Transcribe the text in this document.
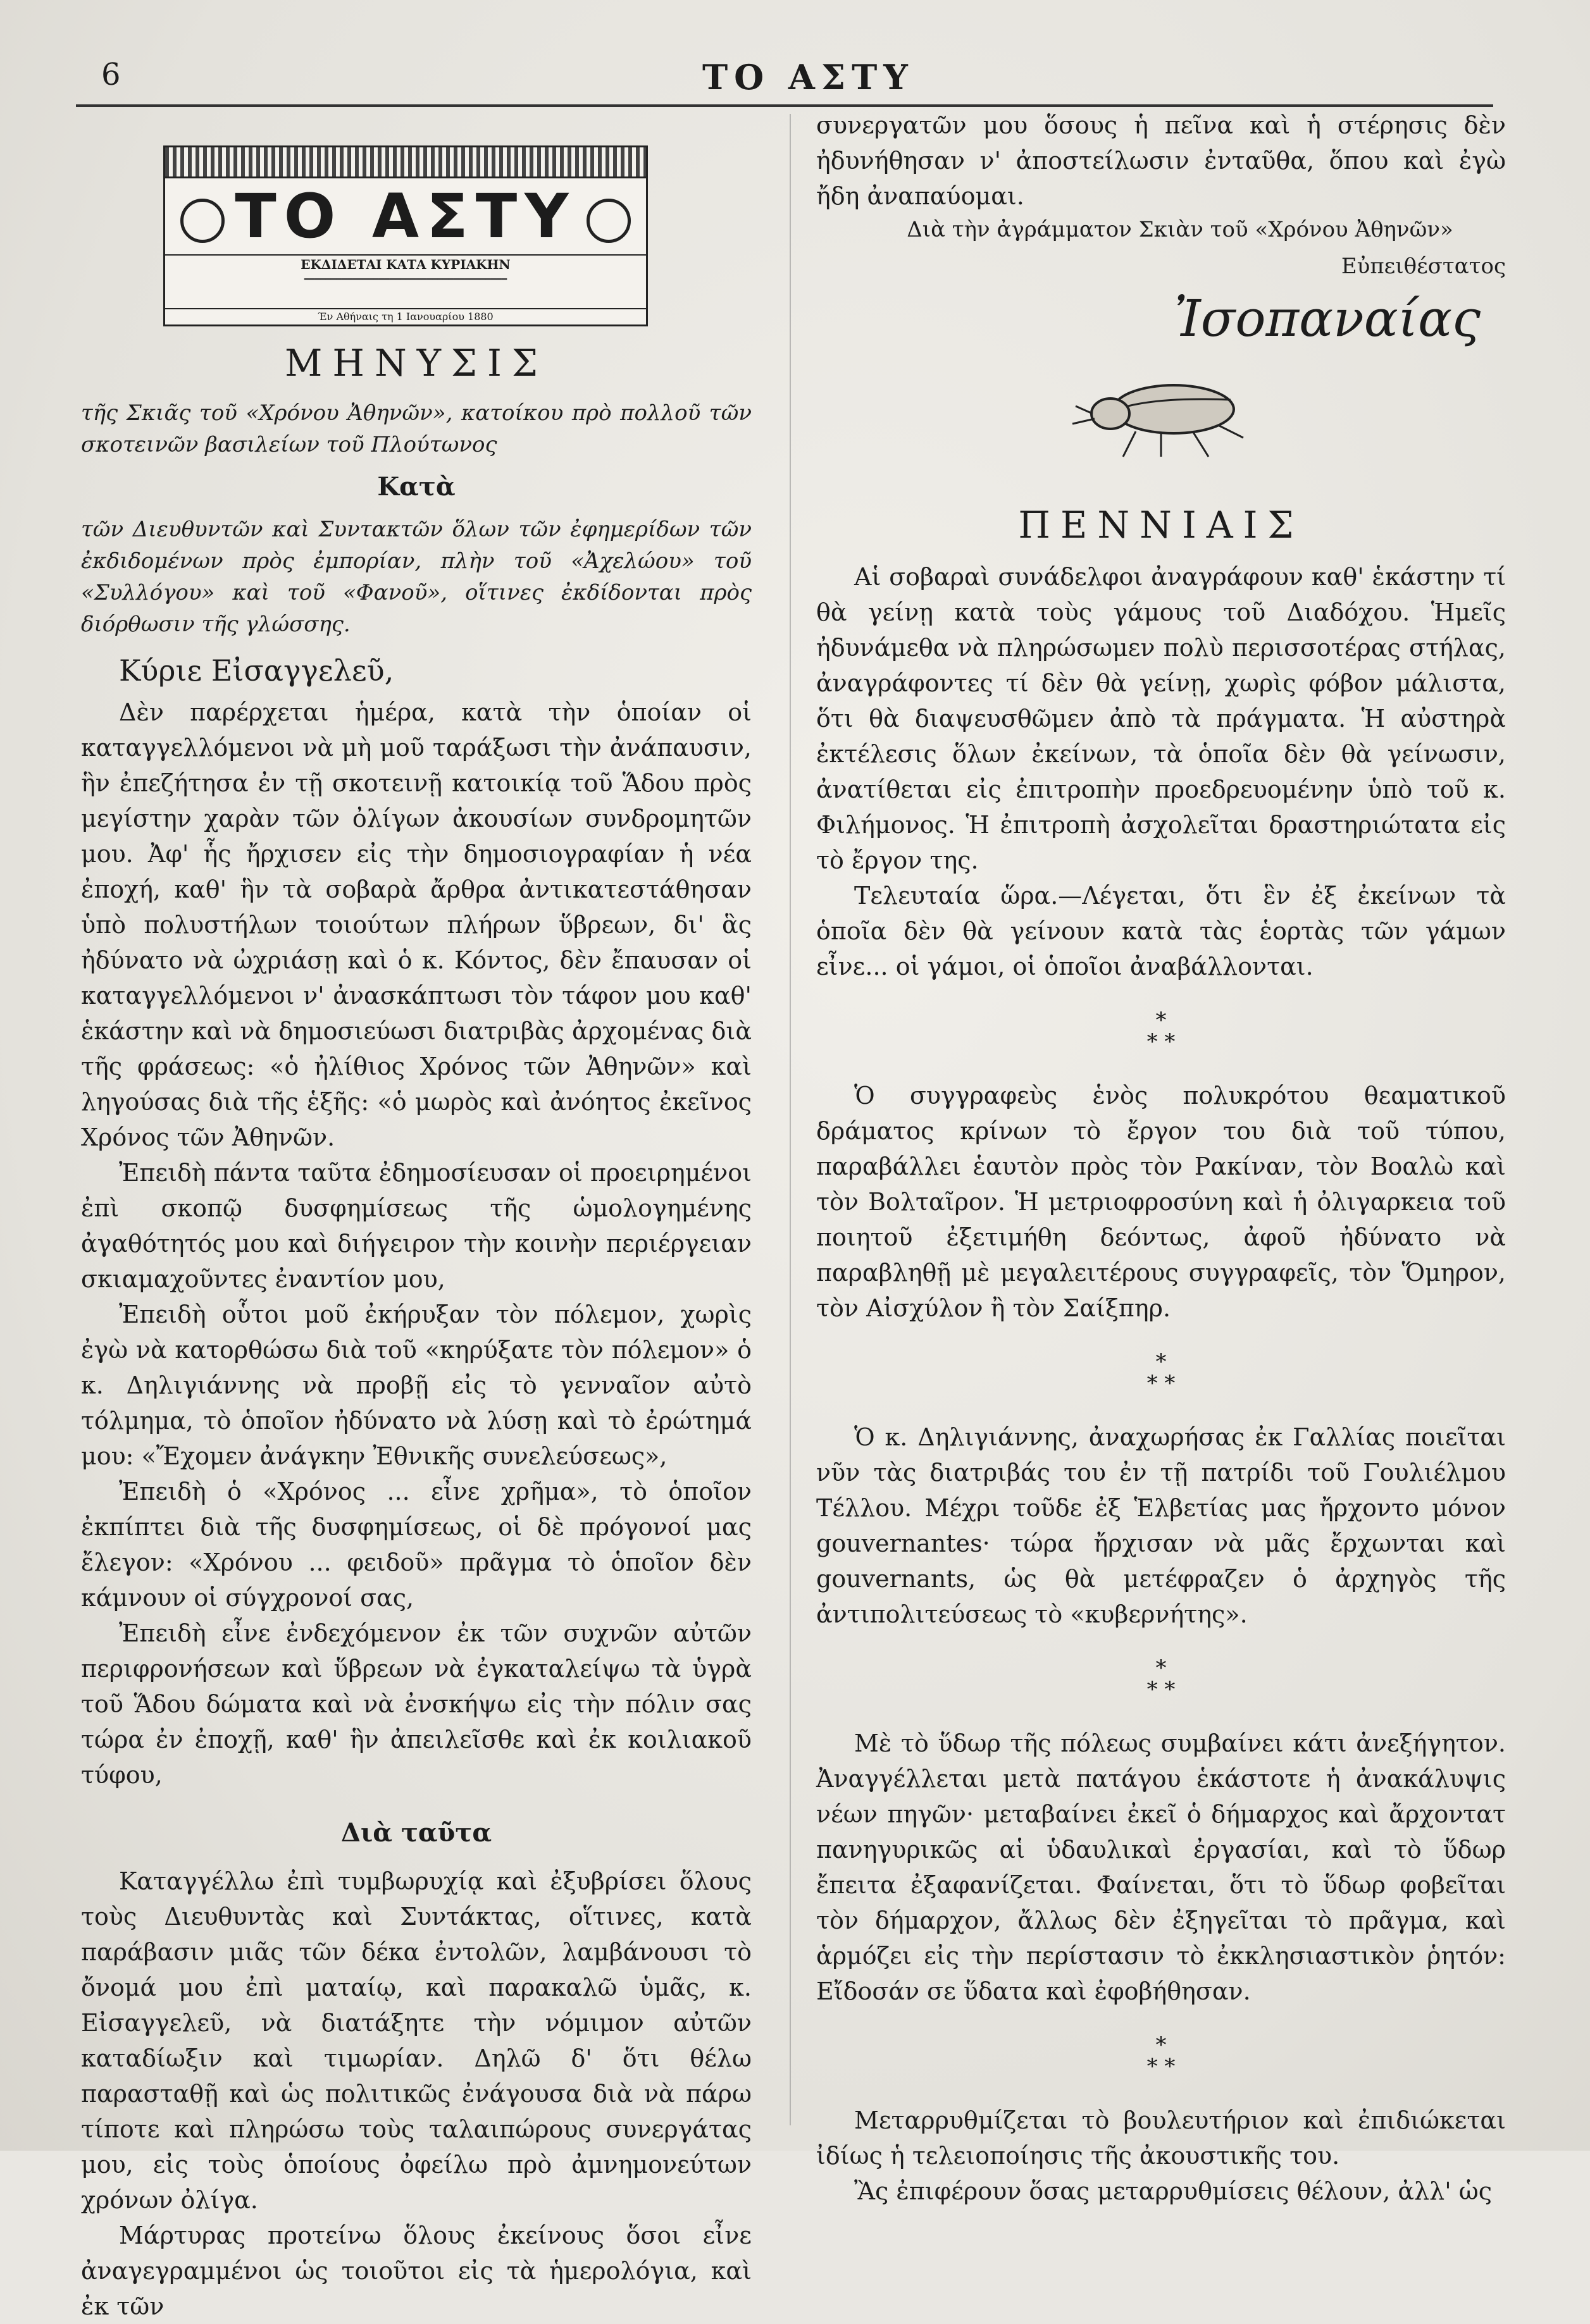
6	ΤΟ ΑΣΤΥ
ΤΟ ΑΣΤΥ
ΕΚΔΙΔΕΤΑΙ ΚΑΤΑ ΚΥΡΙΑΚΗΝ
━━━━━━━━━━━━━━━━━━━━━━━━━━━━━━━━━━━━━━
Έν Αθήναις τη 1 Ιανουαρίου 1880
ΜΗΝΥΣΙΣ

τῆς Σκιᾶς τοῦ «Χρόνου Ἀθηνῶν», κατοίκου πρὸ πολλοῦ τῶν σκοτεινῶν βασιλείων τοῦ Πλούτωνος

Κατὰ

τῶν Διευθυντῶν καὶ Συντακτῶν ὅλων τῶν ἐφημερίδων τῶν ἐκδιδομένων πρὸς ἐμπορίαν, πλὴν τοῦ «Ἀχελώου» τοῦ «Συλλόγου» καὶ τοῦ «Φανοῦ», οἵτινες ἐκδίδονται πρὸς διόρθωσιν τῆς γλώσσης.

Κύριε Εἰσαγγελεῦ,

Δὲν παρέρχεται ἡμέρα, κατὰ τὴν ὁποίαν οἱ καταγγελλόμενοι νὰ μὴ μοῦ ταράξωσι τὴν ἀνάπαυσιν, ἣν ἐπεζήτησα ἐν τῇ σκοτεινῇ κατοικίᾳ τοῦ Ἅδου πρὸς μεγίστην χαρὰν τῶν ὀλίγων ἀκουσίων συνδρομητῶν μου. Ἀφ' ἧς ἤρχισεν εἰς τὴν δημοσιογραφίαν ἡ νέα ἐποχή, καθ' ἣν τὰ σοβαρὰ ἄρθρα ἀντικατεστάθησαν ὑπὸ πολυστήλων τοιούτων πλήρων ὕβρεων, δι' ἃς ἠδύνατο νὰ ὠχριάσῃ καὶ ὁ κ. Κόντος, δὲν ἔπαυσαν οἱ καταγγελλόμενοι ν' ἀνασκάπτωσι τὸν τάφον μου καθ' ἑκάστην καὶ νὰ δημοσιεύωσι διατριβὰς ἀρχομένας διὰ τῆς φράσεως: «ὁ ἠλίθιος Χρόνος τῶν Ἀθηνῶν» καὶ ληγούσας διὰ τῆς ἑξῆς: «ὁ μωρὸς καὶ ἀνόητος ἐκεῖνος Χρόνος τῶν Ἀθηνῶν.

Ἐπειδὴ πάντα ταῦτα ἐδημοσίευσαν οἱ προειρημένοι ἐπὶ σκοπῷ δυσφημίσεως τῆς ὡμολογημένης ἀγαθότητός μου καὶ διήγειρον τὴν κοινὴν περιέργειαν σκιαμαχοῦντες ἐναντίον μου,

Ἐπειδὴ οὗτοι μοῦ ἐκήρυξαν τὸν πόλεμον, χωρὶς ἐγὼ νὰ κατορθώσω διὰ τοῦ «κηρύξατε τὸν πόλεμον» ὁ κ. Δηλιγιάννης νὰ προβῇ εἰς τὸ γενναῖον αὐτὸ τόλμημα, τὸ ὁποῖον ἠδύνατο νὰ λύσῃ καὶ τὸ ἐρώτημά μου: «Ἔχομεν ἀνάγκην Ἐθνικῆς συνελεύσεως»,

Ἐπειδὴ ὁ «Χρόνος ... εἶνε χρῆμα», τὸ ὁποῖον ἐκπίπτει διὰ τῆς δυσφημίσεως, οἱ δὲ πρόγονοί μας ἔλεγον: «Χρόνου ... φειδοῦ» πρᾶγμα τὸ ὁποῖον δὲν κάμνουν οἱ σύγχρονοί σας,

Ἐπειδὴ εἶνε ἐνδεχόμενον ἐκ τῶν συχνῶν αὐτῶν περιφρονήσεων καὶ ὕβρεων νὰ ἐγκαταλείψω τὰ ὑγρὰ τοῦ Ἅδου δώματα καὶ νὰ ἐνσκήψω εἰς τὴν πόλιν σας τώρα ἐν ἐποχῇ, καθ' ἣν ἀπειλεῖσθε καὶ ἐκ κοιλιακοῦ τύφου,

Διὰ ταῦτα

Καταγγέλλω ἐπὶ τυμβωρυχίᾳ καὶ ἐξυβρίσει ὅλους τοὺς Διευθυντὰς καὶ Συντάκτας, οἵτινες, κατὰ παράβασιν μιᾶς τῶν δέκα ἐντολῶν, λαμβάνουσι τὸ ὄνομά μου ἐπὶ ματαίῳ, καὶ παρακαλῶ ὑμᾶς, κ. Εἰσαγγελεῦ, νὰ διατάξητε τὴν νόμιμον αὐτῶν καταδίωξιν καὶ τιμωρίαν. Δηλῶ δ' ὅτι θέλω παρασταθῇ καὶ ὡς πολιτικῶς ἐνάγουσα διὰ νὰ πάρω τίποτε καὶ πληρώσω τοὺς ταλαιπώρους συνεργάτας μου, εἰς τοὺς ὁποίους ὀφείλω πρὸ ἀμνημονεύτων χρόνων ὀλίγα.

Μάρτυρας προτείνω ὅλους ἐκείνους ὅσοι εἶνε ἀναγεγραμμένοι ὡς τοιοῦτοι εἰς τὰ ἡμερολόγια, καὶ ἐκ τῶν

συνεργατῶν μου ὅσους ἡ πεῖνα καὶ ἡ στέρησις δὲν ἠδυνήθησαν ν' ἀποστείλωσιν ἐνταῦθα, ὅπου καὶ ἐγὼ ἤδη ἀναπαύομαι.

Διὰ τὴν ἀγράμματον Σκιὰν τοῦ «Χρόνου Ἀθηνῶν»

Εὐπειθέστατος

Ἰσοπαναίας
ΠΕΝΝΙΑΙΣ

Αἱ σοβαραὶ συνάδελφοι ἀναγράφουν καθ' ἑκάστην τί θὰ γείνῃ κατὰ τοὺς γάμους τοῦ Διαδόχου. Ἡμεῖς ἠδυνάμεθα νὰ πληρώσωμεν πολὺ περισσοτέρας στήλας, ἀναγράφοντες τί δὲν θὰ γείνῃ, χωρὶς φόβον μάλιστα, ὅτι θὰ διαψευσθῶμεν ἀπὸ τὰ πράγματα. Ἡ αὐστηρὰ ἐκτέλεσις ὅλων ἐκείνων, τὰ ὁποῖα δὲν θὰ γείνωσιν, ἀνατίθεται εἰς ἐπιτροπὴν προεδρευομένην ὑπὸ τοῦ κ. Φιλήμονος. Ἡ ἐπιτροπὴ ἀσχολεῖται δραστηριώτατα εἰς τὸ ἔργον της.

Τελευταία ὥρα.—Λέγεται, ὅτι ἓν ἐξ ἐκείνων τὰ ὁποῖα δὲν θὰ γείνουν κατὰ τὰς ἑορτὰς τῶν γάμων εἶνε... οἱ γάμοι, οἱ ὁποῖοι ἀναβάλλονται.

*
* *

Ὁ συγγραφεὺς ἑνὸς πολυκρότου θεαματικοῦ δράματος κρίνων τὸ ἔργον του διὰ τοῦ τύπου, παραβάλλει ἑαυτὸν πρὸς τὸν Ρακίναν, τὸν Βοαλὼ καὶ τὸν Βολταῖρον. Ἡ μετριοφροσύνη καὶ ἡ ὀλιγαρκεια τοῦ ποιητοῦ ἐξετιμήθη δεόντως, ἀφοῦ ἠδύνατο νὰ παραβληθῇ μὲ μεγαλειτέρους συγγραφεῖς, τὸν Ὅμηρον, τὸν Αἰσχύλον ἢ τὸν Σαίξπηρ.

*
* *

Ὁ κ. Δηλιγιάννης, ἀναχωρήσας ἐκ Γαλλίας ποιεῖται νῦν τὰς διατριβάς του ἐν τῇ πατρίδι τοῦ Γουλιέλμου Τέλλου. Μέχρι τοῦδε ἐξ Ἑλβετίας μας ἤρχοντο μόνον gouvernantes· τώρα ἤρχισαν νὰ μᾶς ἔρχωνται καὶ gouvernants, ὡς θὰ μετέφραζεν ὁ ἀρχηγὸς τῆς ἀντιπολιτεύσεως τὸ «κυβερνήτης».

*
* *

Μὲ τὸ ὕδωρ τῆς πόλεως συμβαίνει κάτι ἀνεξήγητον. Ἀναγγέλλεται μετὰ πατάγου ἑκάστοτε ἡ ἀνακάλυψις νέων πηγῶν· μεταβαίνει ἐκεῖ ὁ δήμαρχος καὶ ἄρχοντατ πανηγυρικῶς αἱ ὑδαυλικαὶ ἐργασίαι, καὶ τὸ ὕδωρ ἔπειτα ἐξαφανίζεται. Φαίνεται, ὅτι τὸ ὕδωρ φοβεῖται τὸν δήμαρχον, ἄλλως δὲν ἐξηγεῖται τὸ πρᾶγμα, καὶ ἁρμόζει εἰς τὴν περίστασιν τὸ ἐκκλησιαστικὸν ῥητόν: Εἴδοσάν σε ὕδατα καὶ ἐφοβήθησαν.

*
* *

Μεταρρυθμίζεται τὸ βουλευτήριον καὶ ἐπιδιώκεται ἰδίως ἡ τελειοποίησις τῆς ἀκουστικῆς του.

Ἂς ἐπιφέρουν ὅσας μεταρρυθμίσεις θέλουν, ἀλλ' ὡς
